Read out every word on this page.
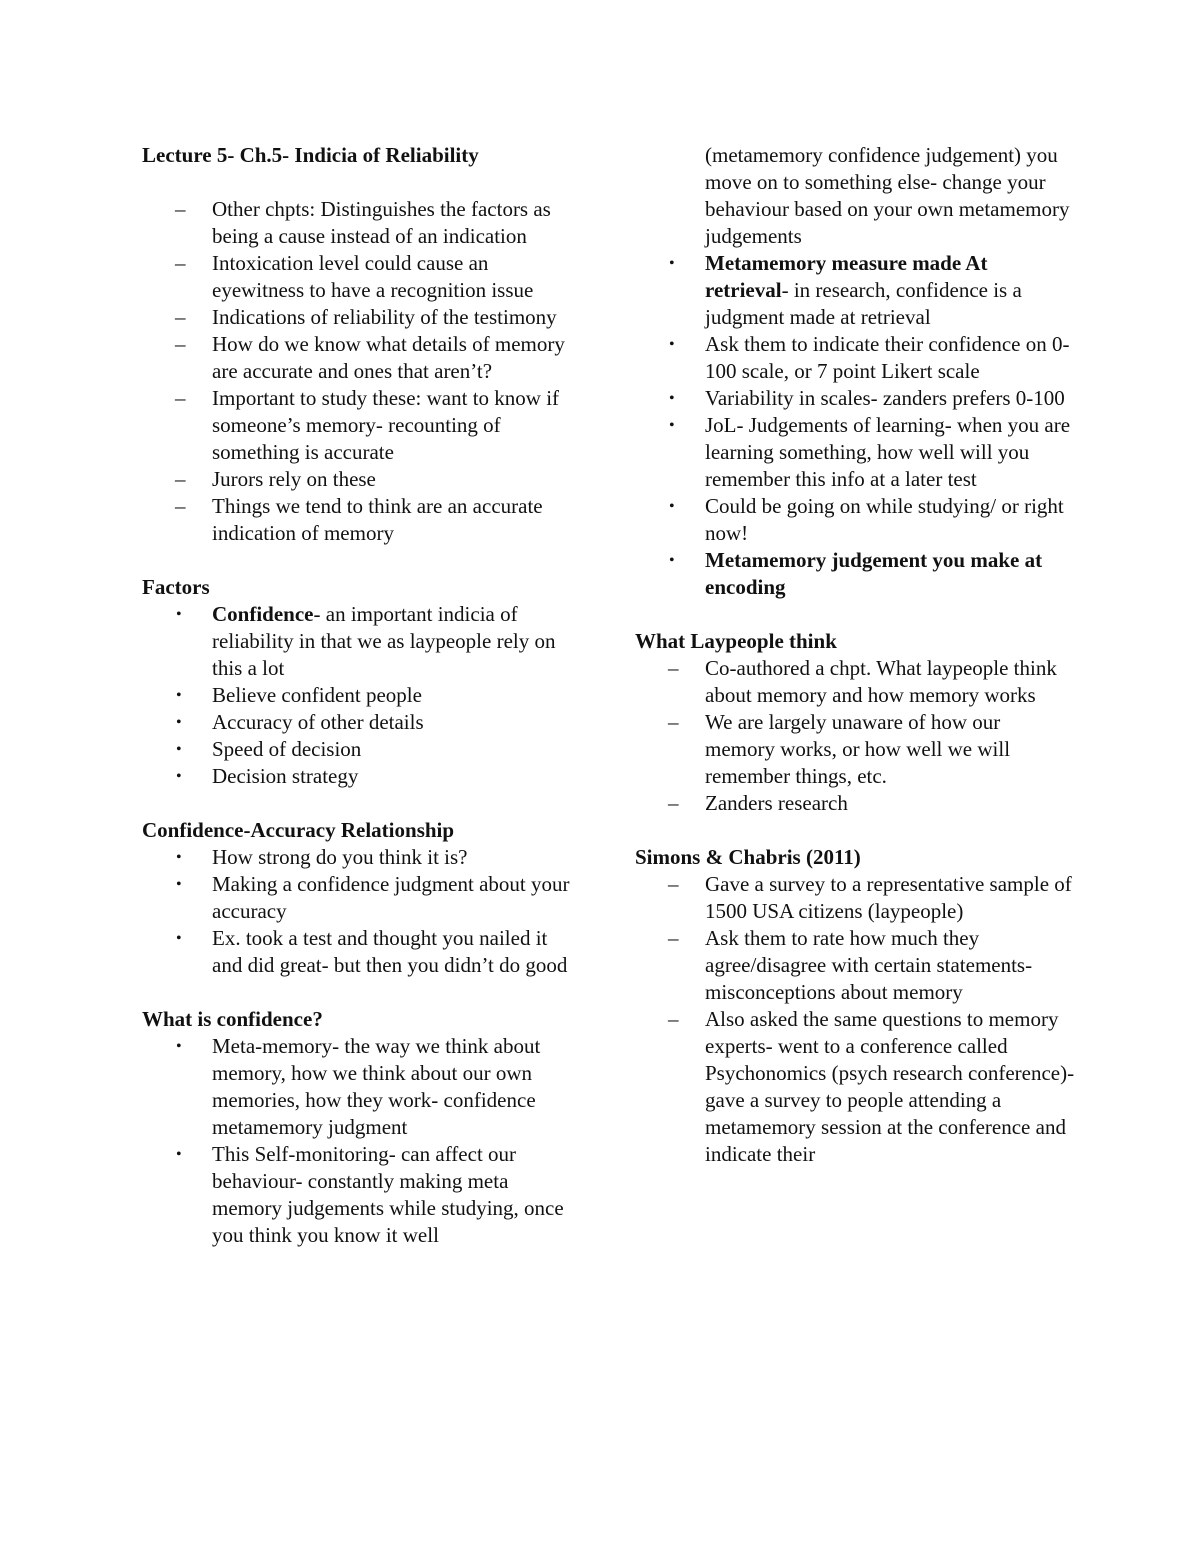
Lecture 5- Ch.5- Indicia of Reliability

–	Other chpts: Distinguishes the factors as being a cause instead of an indication
–	Intoxication level could cause an eyewitness to have a recognition issue
–	Indications of reliability of the testimony
–	How do we know what details of memory are accurate and ones that aren’t?
–	Important to study these: want to know if someone’s memory- recounting of something is accurate
–	Jurors rely on these
–	Things we tend to think are an accurate indication of memory

Factors

•	Confidence- an important indicia of reliability in that we as laypeople rely on this a lot
•	Believe confident people
•	Accuracy of other details
•	Speed of decision
•	Decision strategy

Confidence-Accuracy Relationship

•	How strong do you think it is?
•	Making a confidence judgment about your accuracy
•	Ex. took a test and thought you nailed it and did great- but then you didn’t do good

What is confidence?

•	Meta-memory- the way we think about memory, how we think about our own memories, how they work- confidence metamemory judgment
•	This Self-monitoring- can affect our behaviour- constantly making meta memory judgements while studying, once you think you know it well
(metamemory confidence judgement) you move on to something else- change your behaviour based on your own metamemory judgements
•	Metamemory measure made At retrieval- in research, confidence is a judgment made at retrieval
•	Ask them to indicate their confidence on 0-100 scale, or 7 point Likert scale
•	Variability in scales- zanders prefers 0-100
•	JoL- Judgements of learning- when you are learning something, how well will you remember this info at a later test
•	Could be going on while studying/ or right now!
•	Metamemory judgement you make at encoding

What Laypeople think

–	Co-authored a chpt. What laypeople think about memory and how memory works
–	We are largely unaware of how our memory works, or how well we will remember things, etc.
–	Zanders research

Simons & Chabris (2011)

–	Gave a survey to a representative sample of 1500 USA citizens (laypeople)
–	Ask them to rate how much they agree/disagree with certain statements- misconceptions about memory
–	Also asked the same questions to memory experts- went to a conference called Psychonomics (psych research conference)- gave a survey to people attending a metamemory session at the conference and indicate their
